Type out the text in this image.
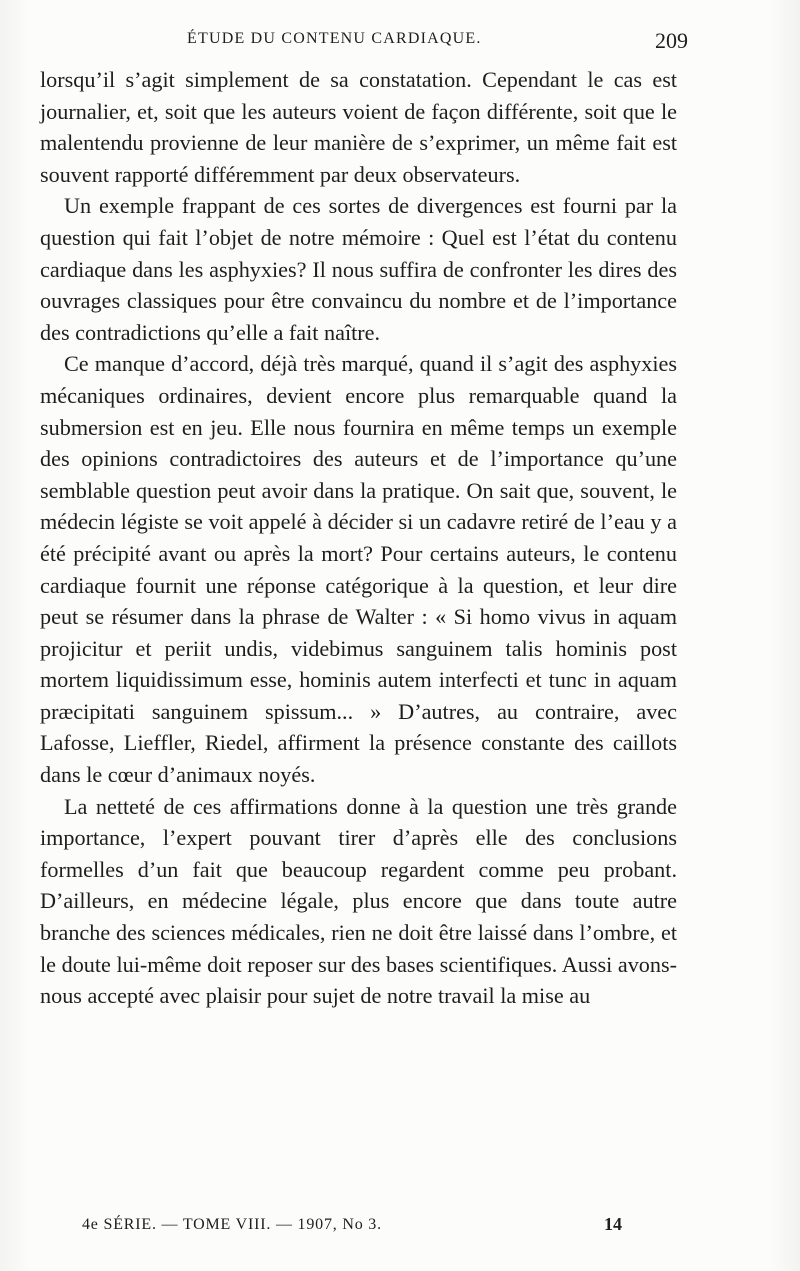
ÉTUDE DU CONTENU CARDIAQUE.	209

lorsqu’il s’agit simplement de sa constatation. Cependant le cas est journalier, et, soit que les auteurs voient de façon différente, soit que le malentendu provienne de leur manière de s’exprimer, un même fait est souvent rapporté différemment par deux observateurs.

Un exemple frappant de ces sortes de divergences est fourni par la question qui fait l’objet de notre mémoire : Quel est l’état du contenu cardiaque dans les asphyxies? Il nous suffira de confronter les dires des ouvrages classiques pour être convaincu du nombre et de l’importance des contradictions qu’elle a fait naître.

Ce manque d’accord, déjà très marqué, quand il s’agit des asphyxies mécaniques ordinaires, devient encore plus remarquable quand la submersion est en jeu. Elle nous fournira en même temps un exemple des opinions contradictoires des auteurs et de l’importance qu’une semblable question peut avoir dans la pratique. On sait que, souvent, le médecin légiste se voit appelé à décider si un cadavre retiré de l’eau y a été précipité avant ou après la mort? Pour certains auteurs, le contenu cardiaque fournit une réponse catégorique à la question, et leur dire peut se résumer dans la phrase de Walter : « Si homo vivus in aquam projicitur et periit undis, videbimus sanguinem talis hominis post mortem liquidissimum esse, hominis autem interfecti et tunc in aquam præcipitati sanguinem spissum... » D’autres, au contraire, avec Lafosse, Lieffler, Riedel, affirment la présence constante des caillots dans le cœur d’animaux noyés.

La netteté de ces affirmations donne à la question une très grande importance, l’expert pouvant tirer d’après elle des conclusions formelles d’un fait que beaucoup regardent comme peu probant. D’ailleurs, en médecine légale, plus encore que dans toute autre branche des sciences médicales, rien ne doit être laissé dans l’ombre, et le doute lui-même doit reposer sur des bases scientifiques. Aussi avons-nous accepté avec plaisir pour sujet de notre travail la mise au

4e SÉRIE. — TOME VIII. — 1907, No 3.	14
